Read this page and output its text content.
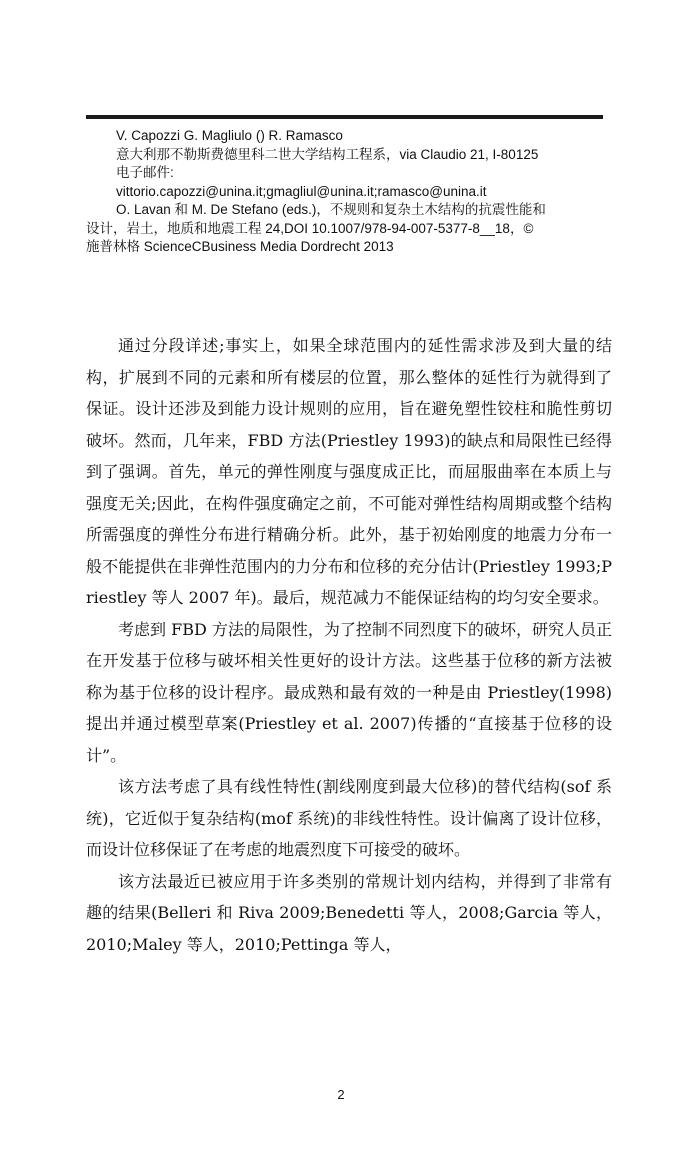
V. Capozzi G. Magliulo () R. Ramasco
意大利那不勒斯费德里科二世大学结构工程系，via Claudio 21, I-80125
电子邮件:
vittorio.capozzi@unina.it;gmagliul@unina.it;ramasco@unina.it
O. Lavan 和 M. De Stefano (eds.)，不规则和复杂土木结构的抗震性能和
设计，岩土，地质和地震工程 24,DOI 10.1007/978-94-007-5377-8__18，©
施普林格 ScienceCBusiness Media Dordrecht 2013

通过分段详述;事实上，如果全球范围内的延性需求涉及到大量的结构，扩展到不同的元素和所有楼层的位置，那么整体的延性行为就得到了保证。设计还涉及到能力设计规则的应用，旨在避免塑性铰柱和脆性剪切破坏。然而，几年来，FBD 方法(Priestley 1993)的缺点和局限性已经得到了强调。首先，单元的弹性刚度与强度成正比，而屈服曲率在本质上与强度无关;因此，在构件强度确定之前，不可能对弹性结构周期或整个结构所需强度的弹性分布进行精确分析。此外，基于初始刚度的地震力分布一般不能提供在非弹性范围内的力分布和位移的充分估计(Priestley 1993;Priestley 等人 2007 年)。最后，规范减力不能保证结构的均匀安全要求。

考虑到 FBD 方法的局限性，为了控制不同烈度下的破坏，研究人员正在开发基于位移与破坏相关性更好的设计方法。这些基于位移的新方法被称为基于位移的设计程序。最成熟和最有效的一种是由 Priestley(1998)提出并通过模型草案(Priestley et al. 2007)传播的“直接基于位移的设计”。

该方法考虑了具有线性特性(割线刚度到最大位移)的替代结构(sof 系统)，它近似于复杂结构(mof 系统)的非线性特性。设计偏离了设计位移，而设计位移保证了在考虑的地震烈度下可接受的破坏。

该方法最近已被应用于许多类别的常规计划内结构，并得到了非常有趣的结果(Belleri 和 Riva 2009;Benedetti 等人，2008;Garcia 等人，2010;Maley 等人，2010;Pettinga 等人，

2
